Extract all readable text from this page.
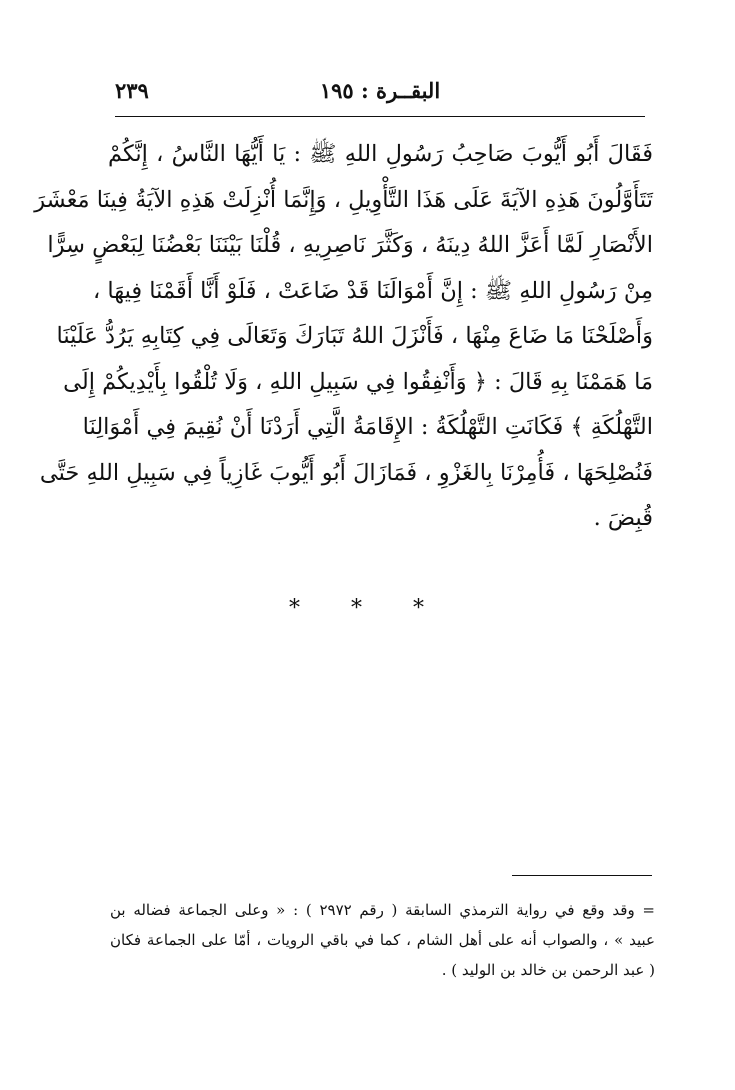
٢٣٩	البقــرة : ١٩٥
فَقَالَ أَبُو أَيُّوبَ صَاحِبُ رَسُولِ اللهِ ﷺ : يَا أَيُّهَا النَّاسُ ، إِنَّكُمْ
تَتَأَوَّلُونَ هَذِهِ الآيَةَ عَلَى هَذَا التَّأْوِيلِ ، وَإِنَّمَا أُنْزِلَتْ هَذِهِ الآيَةُ فِينَا مَعْشَرَ
الأَنْصَارِ لَمَّا أَعَزَّ اللهُ دِينَهُ ، وَكَثَّرَ نَاصِرِيهِ ، قُلْنَا بَيْنَنَا بَعْضُنَا لِبَعْضٍ سِرًّا
مِنْ رَسُولِ اللهِ ﷺ : إِنَّ أَمْوَالَنَا قَدْ ضَاعَتْ ، فَلَوْ أَنَّا أَقَمْنَا فِيهَا ،
وَأَصْلَحْنَا مَا ضَاعَ مِنْهَا ، فَأَنْزَلَ اللهُ تَبَارَكَ وَتَعَالَى فِي كِتَابِهِ يَرُدُّ عَلَيْنَا
مَا هَمَمْنَا بِهِ قَالَ : ﴿ وَأَنْفِقُوا فِي سَبِيلِ اللهِ ، وَلَا تُلْقُوا بِأَيْدِيكُمْ إِلَى
التَّهْلُكَةِ ﴾ فَكَانَتِ التَّهْلُكَةُ : الإِقَامَةُ الَّتِي أَرَدْنَا أَنْ نُقِيمَ فِي أَمْوَالِنَا
فَنُصْلِحَهَا ، فَأُمِرْنَا بِالغَزْوِ ، فَمَازَالَ أَبُو أَيُّوبَ غَازِياً فِي سَبِيلِ اللهِ حَتَّى
قُبِضَ .
* * *
= وقد وقع في رواية الترمذي السابقة ( رقم ٢٩٧٢ ) : « وعلى الجماعة فضاله بن
عبيد » ، والصواب أنه على أهل الشام ، كما في باقي الرويات ، أمّا على الجماعة فكان
( عبد الرحمن بن خالد بن الوليد ) .
